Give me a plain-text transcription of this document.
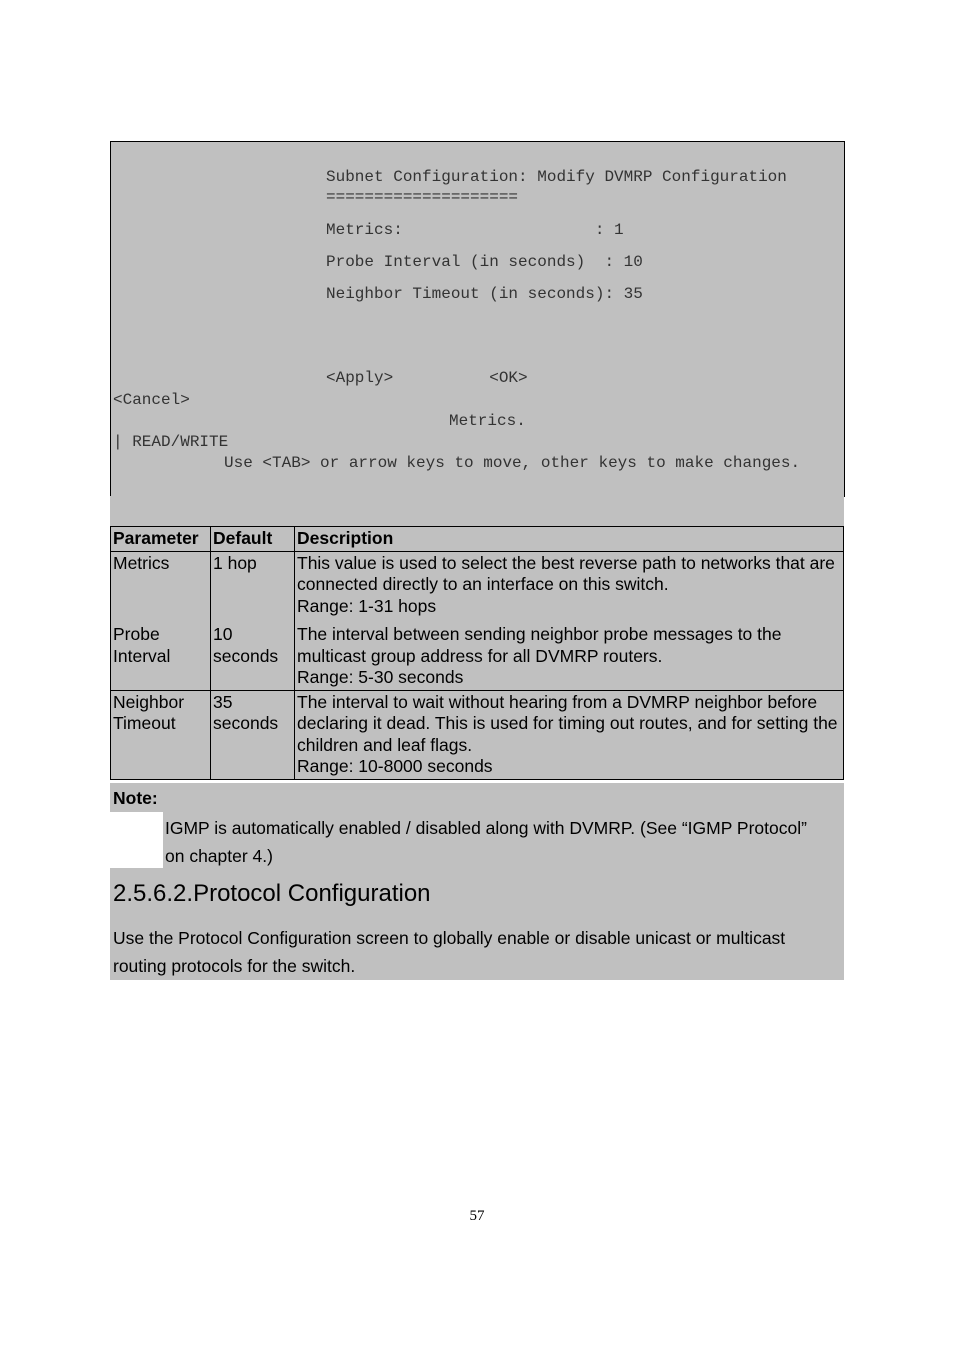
Subnet Configuration: Modify DVMRP Configuration
====================
Metrics:                    : 1
Probe Interval (in seconds)  : 10
Neighbor Timeout (in seconds): 35
<Apply>          <OK>
<Cancel>
Metrics.
| READ/WRITE
Use <TAB> or arrow keys to move, other keys to make changes.
Parameter	Default	Description
Metrics	1 hop	This value is used to select the best reverse path to networks that are connected directly to an interface on this switch.
Range: 1-31 hops

Probe Interval	10 seconds	The interval between sending neighbor probe messages to the multicast group address for all DVMRP routers.
Range: 5-30 seconds

Neighbor Timeout	35 seconds	The interval to wait without hearing from a DVMRP neighbor before declaring it dead. This is used for timing out routes, and for setting the children and leaf flags.
Range: 10-8000 seconds
Note:
IGMP is automatically enabled / disabled along with DVMRP. (See “IGMP Protocol” on chapter 4.)
2.5.6.2.Protocol Configuration
Use the Protocol Configuration screen to globally enable or disable unicast or multicast routing protocols for the switch.
57
